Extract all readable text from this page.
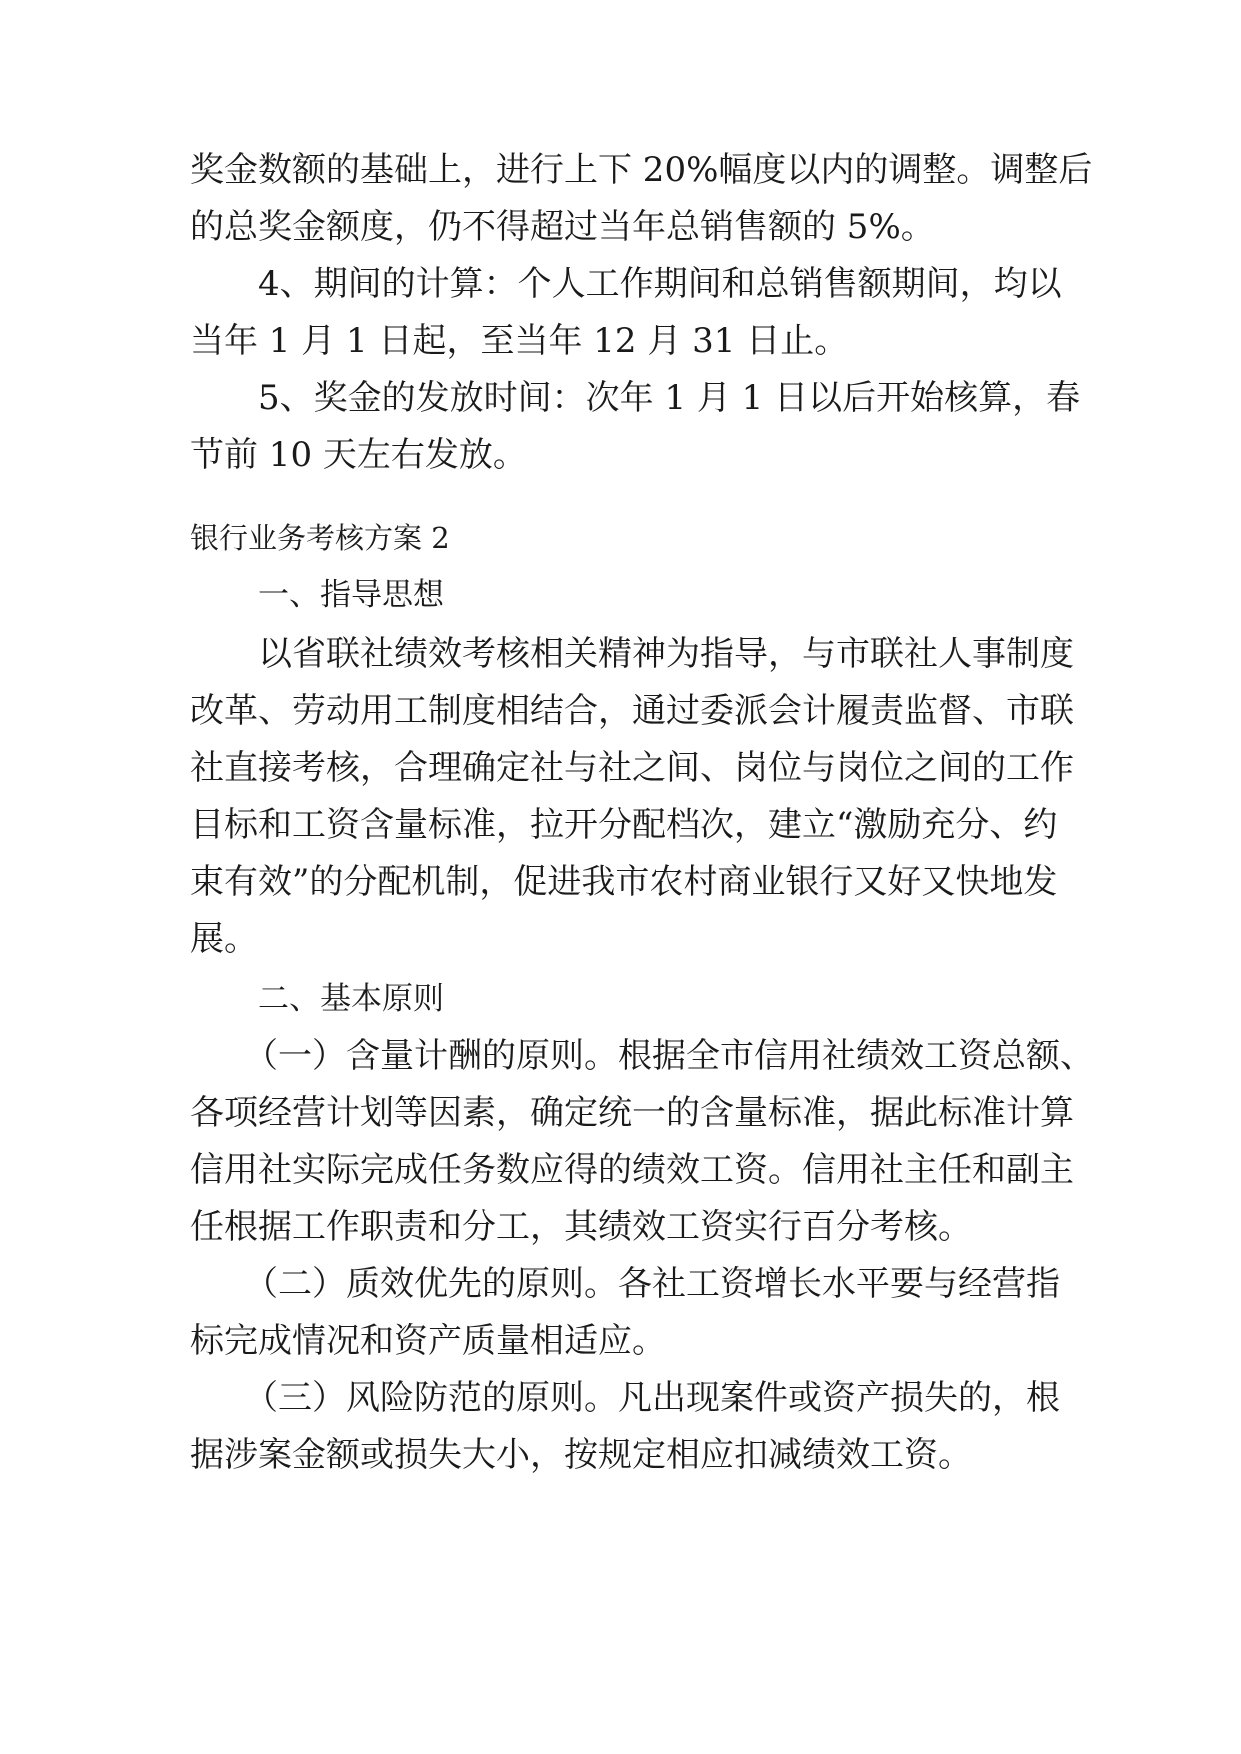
奖金数额的基础上，进行上下 20%幅度以内的调整。调整后
的总奖金额度，仍不得超过当年总销售额的 5%。
4、期间的计算：个人工作期间和总销售额期间，均以
当年 1 月 1 日起，至当年 12 月 31 日止。
5、奖金的发放时间：次年 1 月 1 日以后开始核算，春
节前 10 天左右发放。
银行业务考核方案 2
一、指导思想
以省联社绩效考核相关精神为指导，与市联社人事制度
改革、劳动用工制度相结合，通过委派会计履责监督、市联
社直接考核，合理确定社与社之间、岗位与岗位之间的工作
目标和工资含量标准，拉开分配档次，建立“激励充分、约
束有效”的分配机制，促进我市农村商业银行又好又快地发
展。
二、基本原则
（一）含量计酬的原则。根据全市信用社绩效工资总额、
各项经营计划等因素，确定统一的含量标准，据此标准计算
信用社实际完成任务数应得的绩效工资。信用社主任和副主
任根据工作职责和分工，其绩效工资实行百分考核。
（二）质效优先的原则。各社工资增长水平要与经营指
标完成情况和资产质量相适应。
（三）风险防范的原则。凡出现案件或资产损失的，根
据涉案金额或损失大小，按规定相应扣减绩效工资。
